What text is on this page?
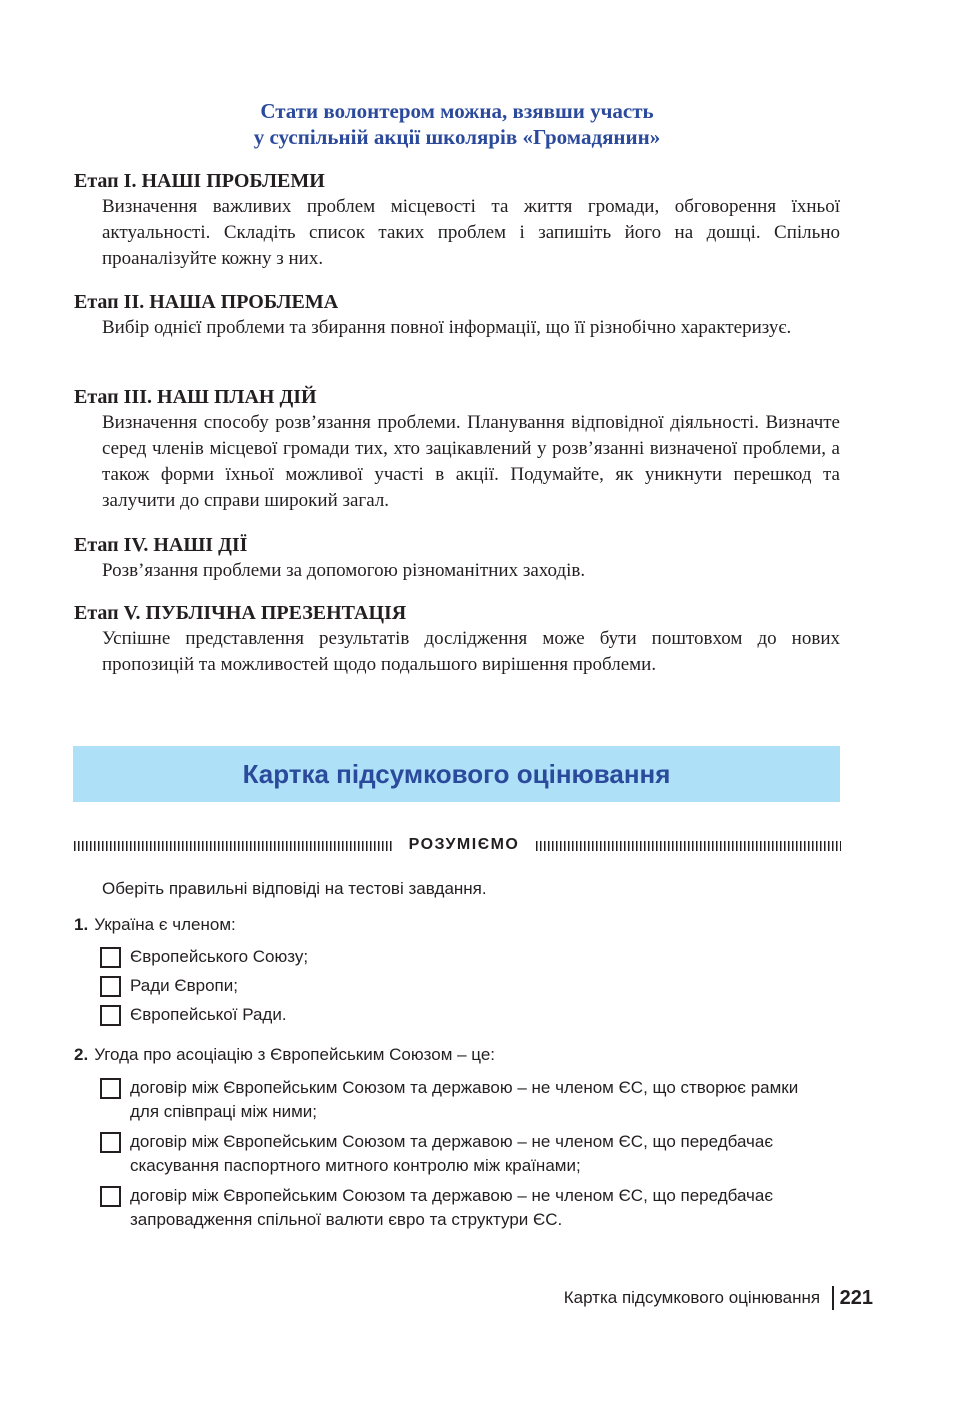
Стати волонтером можна, взявши участь
у суспільній акції школярів «Громадянин»
Етап І. НАШІ ПРОБЛЕМИ
Визначення важливих проблем місцевості та життя громади, обговорення їхньої актуальності. Складіть список таких проблем і запишіть його на дошці. Спільно проаналізуйте кожну з них.
Етап ІІ. НАША ПРОБЛЕМА
Вибір однієї проблеми та збирання повної інформації, що її різнобічно характеризує.
Етап ІІІ. НАШ ПЛАН ДІЙ
Визначення способу розв’язання проблеми. Планування відповідної діяльності. Визначте серед членів місцевої громади тих, хто зацікавлений у розв’язанні визначеної проблеми, а також форми їхньої можливої участі в акції. Подумайте, як уникнути перешкод та залучити до справи широкий загал.
Етап IV. НАШІ ДІЇ
Розв’язання проблеми за допомогою різноманітних заходів.
Етап V. ПУБЛІЧНА ПРЕЗЕНТАЦІЯ
Успішне представлення результатів дослідження може бути поштовхом до нових пропозицій та можливостей щодо подальшого вирішення проблеми.
Картка підсумкового оцінювання
РОЗУМІЄМО
Оберіть правильні відповіді на тестові завдання.
1. Україна є членом:
Європейського Союзу;
Ради Європи;
Європейської Ради.
2. Угода про асоціацію з Європейським Союзом – це:
договір між Європейським Союзом та державою – не членом ЄС, що створює рамки для співпраці між ними;
договір між Європейським Союзом та державою – не членом ЄС, що передбачає скасування паспортного митного контролю між країнами;
договір між Європейським Союзом та державою – не членом ЄС, що передбачає запровадження спільної валюти євро та структури ЄС.
Картка підсумкового оцінювання 221
